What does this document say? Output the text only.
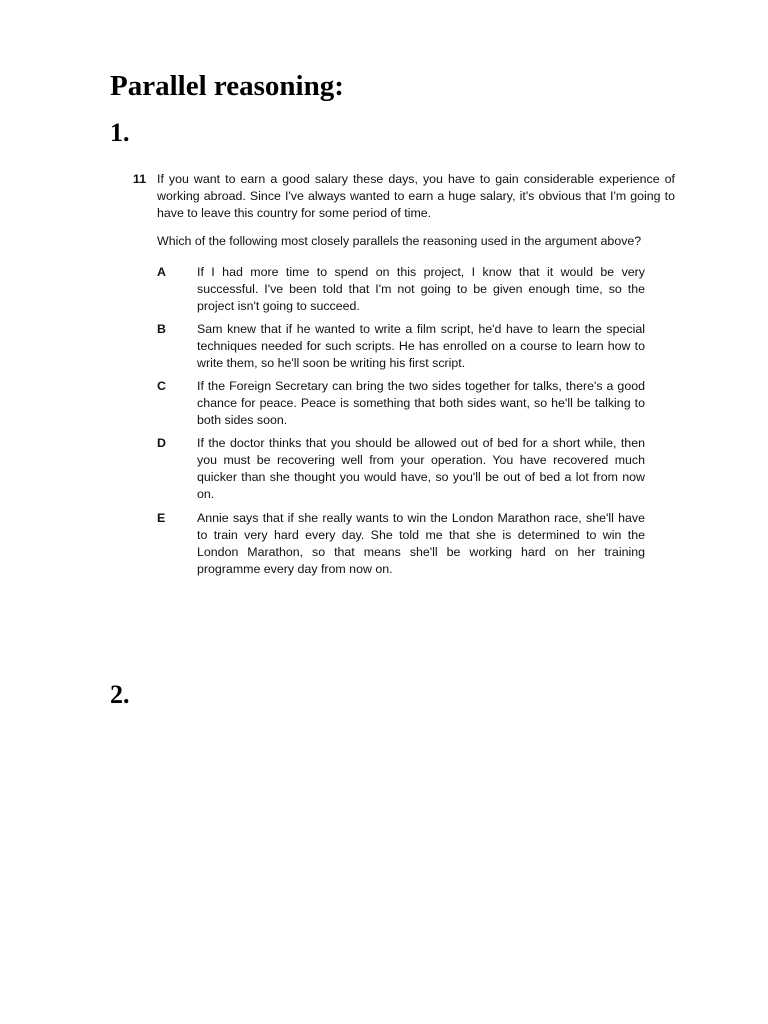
Parallel reasoning:
1.
11 If you want to earn a good salary these days, you have to gain considerable experience of working abroad. Since I've always wanted to earn a huge salary, it's obvious that I'm going to have to leave this country for some period of time.

Which of the following most closely parallels the reasoning used in the argument above?

A	If I had more time to spend on this project, I know that it would be very successful. I've been told that I'm not going to be given enough time, so the project isn't going to succeed.

B	Sam knew that if he wanted to write a film script, he'd have to learn the special techniques needed for such scripts. He has enrolled on a course to learn how to write them, so he'll soon be writing his first script.

C	If the Foreign Secretary can bring the two sides together for talks, there's a good chance for peace. Peace is something that both sides want, so he'll be talking to both sides soon.

D	If the doctor thinks that you should be allowed out of bed for a short while, then you must be recovering well from your operation. You have recovered much quicker than she thought you would have, so you'll be out of bed a lot from now on.

E	Annie says that if she really wants to win the London Marathon race, she'll have to train very hard every day. She told me that she is determined to win the London Marathon, so that means she'll be working hard on her training programme every day from now on.

2.
